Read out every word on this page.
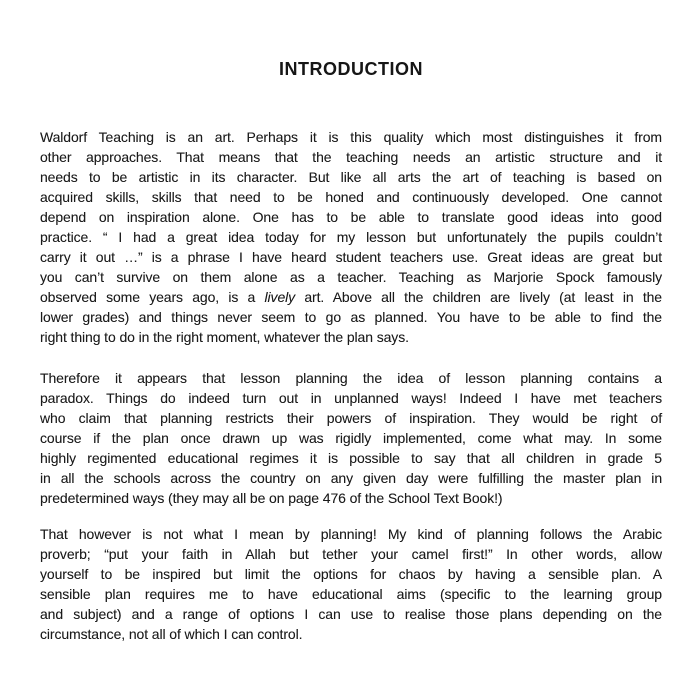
INTRODUCTION
Waldorf Teaching is an art. Perhaps it is this quality which most distinguishes it from
other approaches. That means that the teaching needs an artistic structure and it
needs to be artistic in its character. But like all arts the art of teaching is based on
acquired skills, skills that need to be honed and continuously developed. One cannot
depend on inspiration alone. One has to be able to translate good ideas into good
practice. “ I had a great idea today for my lesson but unfortunately the pupils couldn’t
carry it out …” is a phrase I have heard student teachers use. Great ideas are great but
you can’t survive on them alone as a teacher. Teaching as Marjorie Spock famously
observed some years ago, is a lively art. Above all the children are lively (at least in the
lower grades) and things never seem to go as planned. You have to be able to find the
right thing to do in the right moment, whatever the plan says.
Therefore it appears that lesson planning the idea of lesson planning contains a
paradox. Things do indeed turn out in unplanned ways! Indeed I have met teachers
who claim that planning restricts their powers of inspiration. They would be right of
course if the plan once drawn up was rigidly implemented, come what may. In some
highly regimented educational regimes it is possible to say that all children in grade 5
in all the schools across the country on any given day were fulfilling the master plan in
predetermined ways (they may all be on page 476 of the School Text Book!)
That however is not what I mean by planning! My kind of planning follows the Arabic
proverb; “put your faith in Allah but tether your camel first!” In other words, allow
yourself to be inspired but limit the options for chaos by having a sensible plan. A
sensible plan requires me to have educational aims (specific to the learning group
and subject) and a range of options I can use to realise those plans depending on the
circumstance, not all of which I can control.
